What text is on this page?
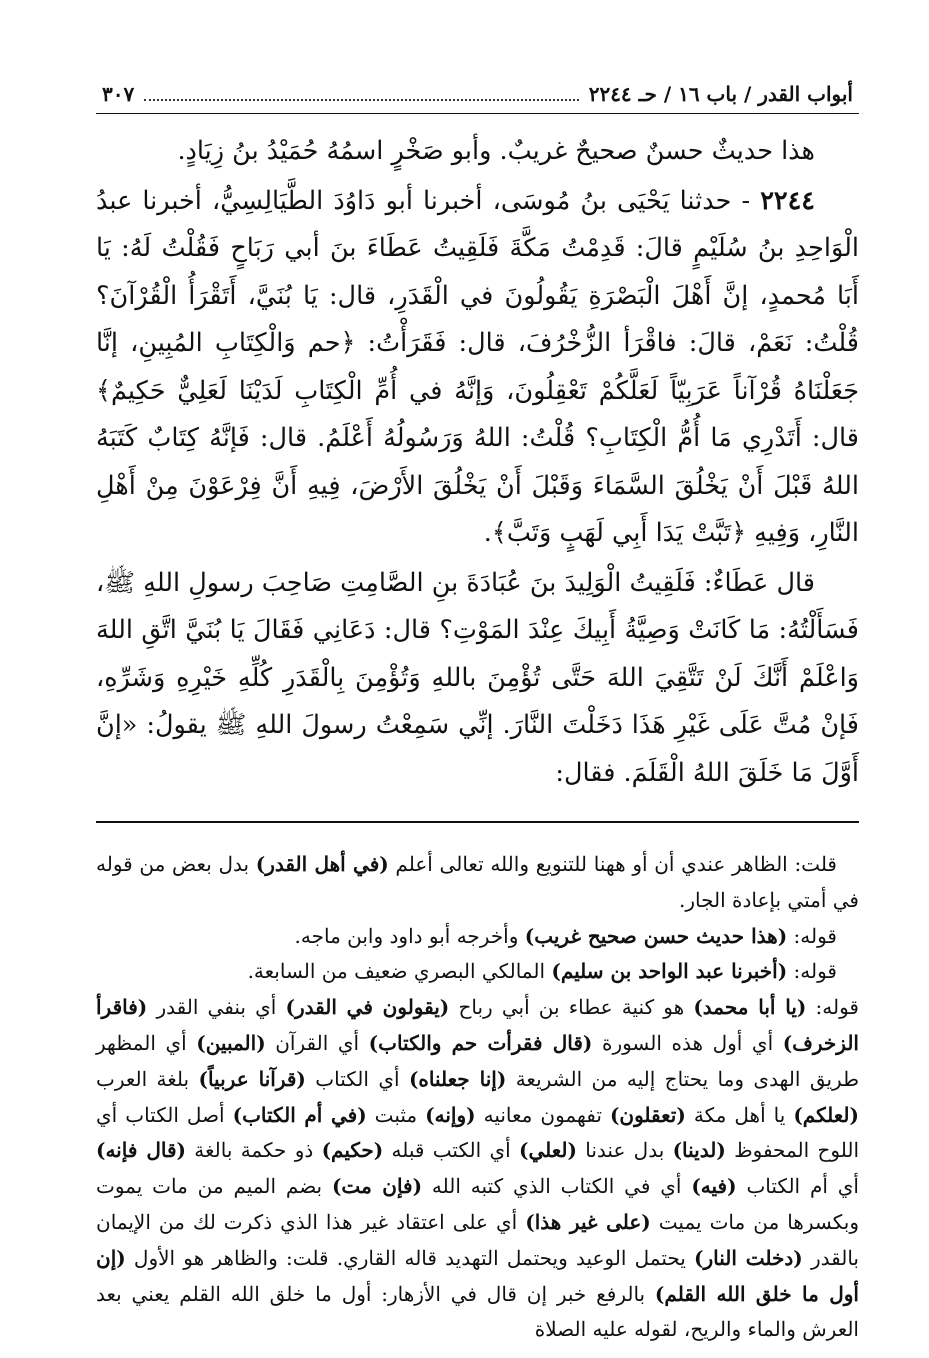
أبواب القدر / باب ١٦ / حـ ٢٢٤٤
٣٠٧

هذا حديثٌ حسنٌ صحيحٌ غريبٌ. وأبو صَخْرٍ اسمُهُ حُمَيْدُ بنُ زِيَادٍ.

٢٢٤٤ - حدثنا يَحْيَى بنُ مُوسَى، أخبرنا أبو دَاوُدَ الطَّيَالِسِيُّ، أخبرنا عبدُ الْوَاحِدِ بنُ سُلَيْمٍ قالَ: قَدِمْتُ مَكَّةَ فَلَقِيتُ عَطَاءَ بنَ أبي رَبَاحٍ فَقُلْتُ لَهُ: يَا أَبَا مُحمدٍ، إنَّ أَهْلَ الْبَصْرَةِ يَقُولُونَ في الْقَدَرِ، قال: يَا بُنَيَّ، أَتَقْرَأُ الْقُرْآنَ؟ قُلْتُ: نَعَمْ، قالَ: فاقْرَأ الزُّخْرُفَ، قال: فَقَرَأْتُ: ﴿حم وَالْكِتَابِ المُبِينِ، إنَّا جَعَلْنَاهُ قُرْآناً عَرَبِيّاً لَعَلَّكُمْ تَعْقِلُونَ، وَإنَّهُ في أُمِّ الْكِتَابِ لَدَيْنَا لَعَلِيٌّ حَكِيمٌ﴾ قال: أَتَدْرِي مَا أُمُّ الْكِتَابِ؟ قُلْتُ: اللهُ وَرَسُولُهُ أَعْلَمُ. قال: فَإنَّهُ كِتَابٌ كَتَبَهُ اللهُ قَبْلَ أَنْ يَخْلُقَ السَّمَاءَ وَقَبْلَ أَنْ يَخْلُقَ الأَرْضَ، فِيهِ أَنَّ فِرْعَوْنَ مِنْ أَهْلِ النَّارِ، وَفِيهِ ﴿تَبَّتْ يَدَا أَبِي لَهَبٍ وَتَبَّ﴾.

قال عَطَاءٌ: فَلَقِيتُ الْوَلِيدَ بنَ عُبَادَةَ بنِ الصَّامِتِ صَاحِبَ رسولِ اللهِ ﷺ، فَسَأَلْتُهُ: مَا كَانَتْ وَصِيَّةُ أَبِيكَ عِنْدَ المَوْتِ؟ قال: دَعَانِي فَقَالَ يَا بُنَيَّ اتَّقِ اللهَ وَاعْلَمْ أَنَّكَ لَنْ تَتَّقِيَ اللهَ حَتَّى تُؤْمِنَ باللهِ وَتُؤْمِنَ بِالْقَدَرِ كُلِّهِ خَيْرِهِ وَشَرِّهِ، فَإنْ مُتَّ عَلَى غَيْرِ هَذَا دَخَلْتَ النَّارَ. إنِّي سَمِعْتُ رسولَ اللهِ ﷺ يقولُ: «إنَّ أَوَّلَ مَا خَلَقَ اللهُ الْقَلَمَ. فقال:

قلت: الظاهر عندي أن أو ههنا للتنويع والله تعالى أعلم (في أهل القدر) بدل بعض من قوله في أمتي بإعادة الجار.

قوله: (هذا حديث حسن صحيح غريب) وأخرجه أبو داود وابن ماجه.

قوله: (أخبرنا عبد الواحد بن سليم) المالكي البصري ضعيف من السابعة.

قوله: (يا أبا محمد) هو كنية عطاء بن أبي رباح (يقولون في القدر) أي بنفي القدر (فاقرأ الزخرف) أي أول هذه السورة (قال فقرأت حم والكتاب) أي القرآن (المبين) أي المظهر طريق الهدى وما يحتاج إليه من الشريعة (إنا جعلناه) أي الكتاب (قرآنا عربياً) بلغة العرب (لعلكم) يا أهل مكة (تعقلون) تفهمون معانيه (وإنه) مثبت (في أم الكتاب) أصل الكتاب أي اللوح المحفوظ (لدينا) بدل عندنا (لعلي) أي الكتب قبله (حكيم) ذو حكمة بالغة (قال فإنه) أي أم الكتاب (فيه) أي في الكتاب الذي كتبه الله (فإن مت) بضم الميم من مات يموت وبكسرها من مات يميت (على غير هذا) أي على اعتقاد غير هذا الذي ذكرت لك من الإيمان بالقدر (دخلت النار) يحتمل الوعيد ويحتمل التهديد قاله القاري. قلت: والظاهر هو الأول (إن أول ما خلق الله القلم) بالرفع خبر إن قال في الأزهار: أول ما خلق الله القلم يعني بعد العرش والماء والريح، لقوله عليه الصلاة
